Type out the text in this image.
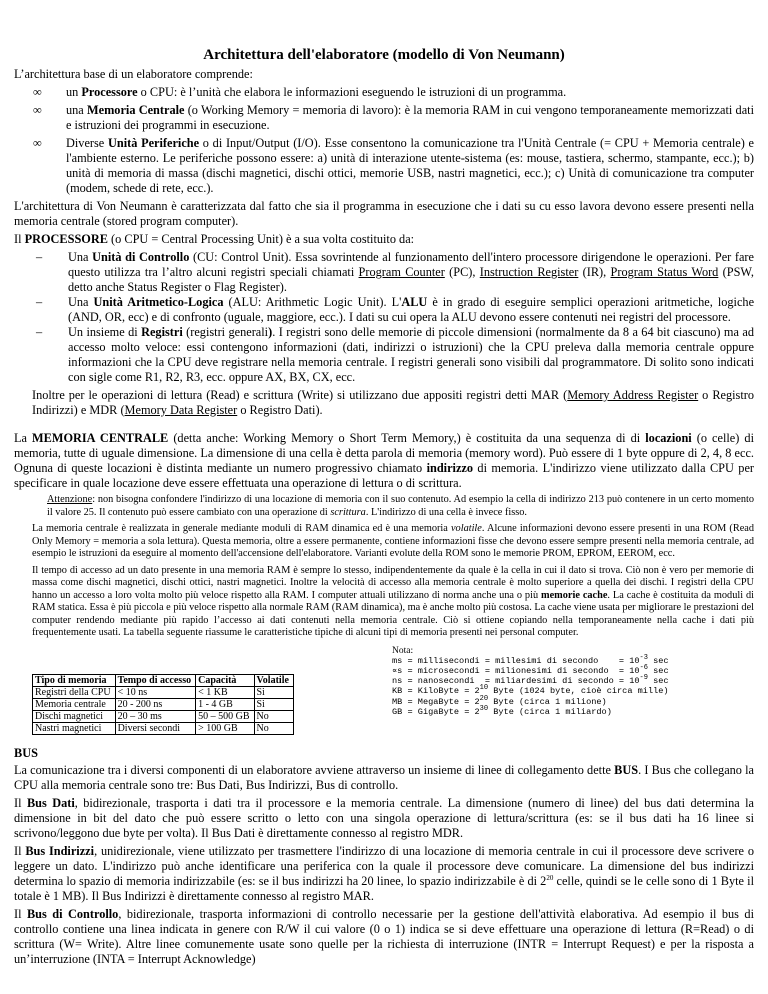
Architettura dell'elaboratore (modello di Von Neumann)

L’architettura base di un elaboratore comprende:

∞ un Processore o CPU: è l’unità che elabora le informazioni eseguendo le istruzioni di un programma.
∞ una Memoria Centrale (o Working Memory = memoria di lavoro): è la memoria RAM in cui vengono temporaneamente memorizzati dati e istruzioni dei programmi in esecuzione.
∞ Diverse Unità Periferiche o di Input/Output (I/O). Esse consentono la comunicazione tra l'Unità Centrale (= CPU + Memoria centrale) e l'ambiente esterno. Le periferiche possono essere: a) unità di interazione utente-sistema (es: mouse, tastiera, schermo, stampante, ecc.); b) unità di memoria di massa (dischi magnetici, dischi ottici, memorie USB, nastri magnetici, ecc.); c) Unità di comunicazione tra computer (modem, schede di rete, ecc.).

L'architettura di Von Neumann è caratterizzata dal fatto che sia il programma in esecuzione che i dati su cu esso lavora devono essere presenti nella memoria centrale (stored program computer).

Il PROCESSORE (o CPU = Central Processing Unit) è a sua volta costituito da:

– Una Unità di Controllo (CU: Control Unit). Essa sovrintende al funzionamento dell'intero processore dirigendone le operazioni. Per fare questo utilizza tra l’altro alcuni registri speciali chiamati Program Counter (PC), Instruction Register (IR), Program Status Word (PSW, detto anche Status Register o Flag Register).
– Una Unità Aritmetico-Logica (ALU: Arithmetic Logic Unit). L'ALU è in grado di eseguire semplici operazioni aritmetiche, logiche (AND, OR, ecc) e di confronto (uguale, maggiore, ecc.). I dati su cui opera la ALU devono essere contenuti nei registri del processore.
– Un insieme di Registri (registri generali). I registri sono delle memorie di piccole dimensioni (normalmente da 8 a 64 bit ciascuno) ma ad accesso molto veloce: essi contengono informazioni (dati, indirizzi o istruzioni) che la CPU preleva dalla memoria centrale oppure informazioni che la CPU deve registrare nella memoria centrale. I registri generali sono visibili dal programmatore. Di solito sono indicati con sigle come R1, R2, R3, ecc. oppure AX, BX, CX, ecc.

Inoltre per le operazioni di lettura (Read) e scrittura (Write) si utilizzano due appositi registri detti MAR (Memory Address Register o Registro Indirizzi) e MDR (Memory Data Register o Registro Dati).

La MEMORIA CENTRALE (detta anche: Working Memory o Short Term Memory,) è costituita da una sequenza di di locazioni (o celle) di memoria, tutte di uguale dimensione. La dimensione di una cella è detta parola di memoria (memory word). Può essere di 1 byte oppure di 2, 4, 8 ecc. Ognuna di queste locazioni è distinta mediante un numero progressivo chiamato indirizzo di memoria. L'indirizzo viene utilizzato dalla CPU per specificare in quale locazione deve essere effettuata una operazione di lettura o di scrittura.

Attenzione: non bisogna confondere l'indirizzo di una locazione di memoria con il suo contenuto. Ad esempio la cella di indirizzo 213 può contenere in un certo momento il valore 25. Il contenuto può essere cambiato con una operazione di scrittura. L'indirizzo di una cella è invece fisso.

La memoria centrale è realizzata in generale mediante moduli di RAM dinamica ed è una memoria volatile. Alcune informazioni devono essere presenti in una ROM (Read Only Memory = memoria a sola lettura). Questa memoria, oltre a essere permanente, contiene informazioni fisse che devono essere sempre presenti nella memoria centrale, ad esempio le istruzioni da eseguire al momento dell'accensione dell'elaboratore. Varianti evolute della ROM sono le memorie PROM, EPROM, EEROM, ecc.

Il tempo di accesso ad un dato presente in una memoria RAM è sempre lo stesso, indipendentemente da quale è la cella in cui il dato si trova. Ciò non è vero per memorie di massa come dischi magnetici, dischi ottici, nastri magnetici. Inoltre la velocità di accesso alla memoria centrale è molto superiore a quella dei dischi. I registri della CPU hanno un accesso a loro volta molto più veloce rispetto alla RAM. I computer attuali utilizzano di norma anche una o più memorie cache. La cache è costituita da moduli di RAM statica. Essa è più piccola e più veloce rispetto alla normale RAM (RAM dinamica), ma è anche molto più costosa. La cache viene usata per migliorare le prestazioni del computer rendendo mediante più rapido l’accesso ai dati contenuti nella memoria centrale. Ciò si ottiene copiando nella temporaneamente nella cache i dati più frequentemente usati. La tabella seguente riassume le caratteristiche tipiche di alcuni tipi di memoria presenti nei personal computer.

Tipo di memoria	Tempo di accesso	Capacità	Volatile
Registri della CPU	< 10 ns	< 1 KB	Si
Memoria centrale	20 - 200 ns	1 - 4 GB	Si
Dischi magnetici	20 – 30 ms	50 – 500 GB	No
Nastri magnetici	Diversi secondi	> 100 GB	No
Nota:
ms = millisecondi = millesimi di secondo    = $10^{-3}$ sec
∝s = microsecondi = milionesimi di secondo  = $10^{-6}$ sec
ns = nanosecondi  = miliardesimi di secondo = $10^{-9}$ sec
KB = KiloByte = $2^{10}$ Byte (1024 byte, cioè circa mille)
MB = MegaByte = $2^{20}$ Byte (circa 1 milione)
GB = GigaByte = $2^{30}$ Byte (circa 1 miliardo)
BUS

La comunicazione tra i diversi componenti di un elaboratore avviene attraverso un insieme di linee di collegamento dette BUS. I Bus che collegano la CPU alla memoria centrale sono tre: Bus Dati, Bus Indirizzi, Bus di controllo.

Il Bus Dati, bidirezionale, trasporta i dati tra il processore e la memoria centrale. La dimensione (numero di linee) del bus dati determina la dimensione in bit del dato che può essere scritto o letto con una singola operazione di lettura/scrittura (es: se il bus dati ha 16 linee si scrivono/leggono due byte per volta). Il Bus Dati è direttamente connesso al registro MDR.

Il Bus Indirizzi, unidirezionale, viene utilizzato per trasmettere l'indirizzo di una locazione di memoria centrale in cui il processore deve scrivere o leggere un dato. L'indirizzo può anche identificare una periferica con la quale il processore deve comunicare. La dimensione del bus indirizzi determina lo spazio di memoria indirizzabile (es: se il bus indirizzi ha 20 linee, lo spazio indirizzabile è di $2^{20}$ celle, quindi se le celle sono di 1 Byte il totale è 1 MB). Il Bus Indirizzi è direttamente connesso al registro MAR.

Il Bus di Controllo, bidirezionale, trasporta informazioni di controllo necessarie per la gestione dell'attività elaborativa. Ad esempio il bus di controllo contiene una linea indicata in genere con R/W il cui valore (0 o 1) indica se si deve effettuare una operazione di lettura (R=Read) o di scrittura (W= Write). Altre linee comunemente usate sono quelle per la richiesta di interruzione (INTR = Interrupt Request) e per la risposta a un’interruzione (INTA = Interrupt Acknowledge)
